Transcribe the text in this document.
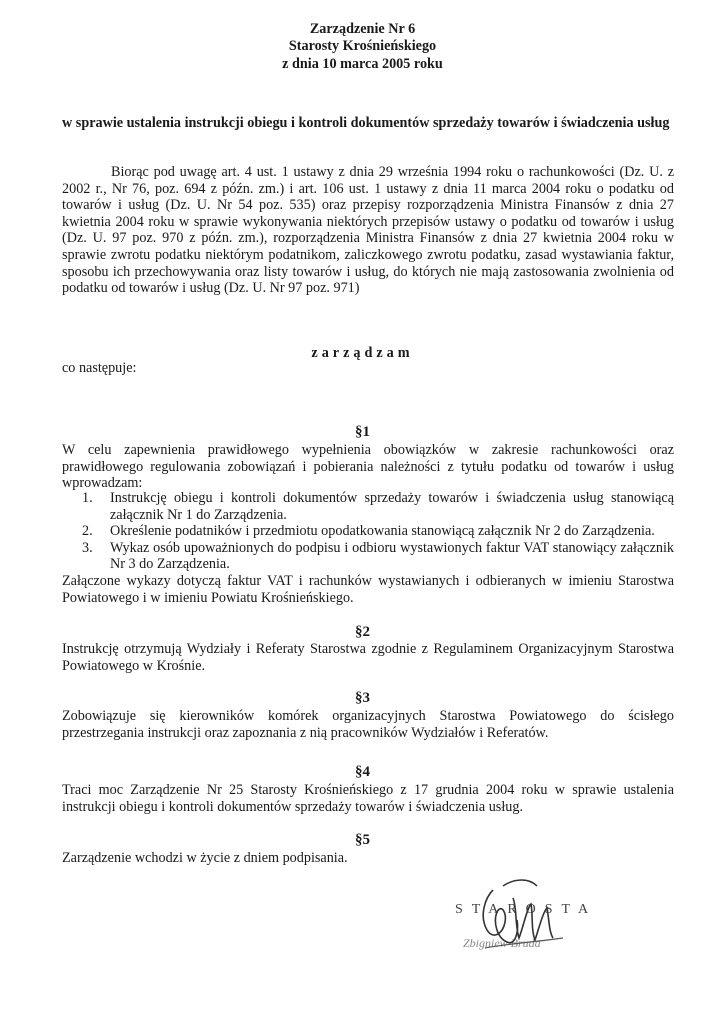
Zarządzenie Nr 6
Starosty Krośnieńskiego
z dnia 10 marca 2005 roku
w sprawie ustalenia instrukcji obiegu i kontroli dokumentów sprzedaży towarów i świadczenia usług
Biorąc pod uwagę art. 4 ust. 1 ustawy z dnia 29 września 1994 roku o rachunkowości (Dz. U. z 2002 r., Nr 76, poz. 694 z późn. zm.) i art. 106 ust. 1 ustawy z dnia 11 marca 2004 roku o podatku od towarów i usług (Dz. U. Nr 54 poz. 535) oraz przepisy rozporządzenia Ministra Finansów z dnia 27 kwietnia 2004 roku w sprawie wykonywania niektórych przepisów ustawy o podatku od towarów i usług (Dz. U. 97 poz. 970 z późn. zm.), rozporządzenia Ministra Finansów z dnia 27 kwietnia 2004 roku w sprawie zwrotu podatku niektórym podatnikom, zaliczkowego zwrotu podatku, zasad wystawiania faktur, sposobu ich przechowywania oraz listy towarów i usług, do których nie mają zastosowania zwolnienia od podatku od towarów i usług (Dz. U. Nr 97 poz. 971)
zarządzam
co następuje:
§1
W celu zapewnienia prawidłowego wypełnienia obowiązków w zakresie rachunkowości oraz prawidłowego regulowania zobowiązań i pobierania należności z tytułu podatku od towarów i usług wprowadzam:
1. Instrukcję obiegu i kontroli dokumentów sprzedaży towarów i świadczenia usług stanowiącą załącznik Nr 1 do Zarządzenia.
2. Określenie podatników i przedmiotu opodatkowania stanowiącą załącznik Nr 2 do Zarządzenia.
3. Wykaz osób upoważnionych do podpisu i odbioru wystawionych faktur VAT stanowiący załącznik Nr 3 do Zarządzenia.
Załączone wykazy dotyczą faktur VAT i rachunków wystawianych i odbieranych w imieniu Starostwa Powiatowego i w imieniu Powiatu Krośnieńskiego.
§2
Instrukcję otrzymują Wydziały i Referaty Starostwa zgodnie z Regulaminem Organizacyjnym Starostwa Powiatowego w Krośnie.
§3
Zobowiązuje się kierowników komórek organizacyjnych Starostwa Powiatowego do ścisłego przestrzegania instrukcji oraz zapoznania z nią pracowników Wydziałów i Referatów.
§4
Traci moc Zarządzenie Nr 25 Starosty Krośnieńskiego z 17 grudnia 2004 roku w sprawie ustalenia instrukcji obiegu i kontroli dokumentów sprzedaży towarów i świadczenia usług.
§5
Zarządzenie wchodzi w życie z dniem podpisania.
STAROSTA
Zbigniew Bruda
